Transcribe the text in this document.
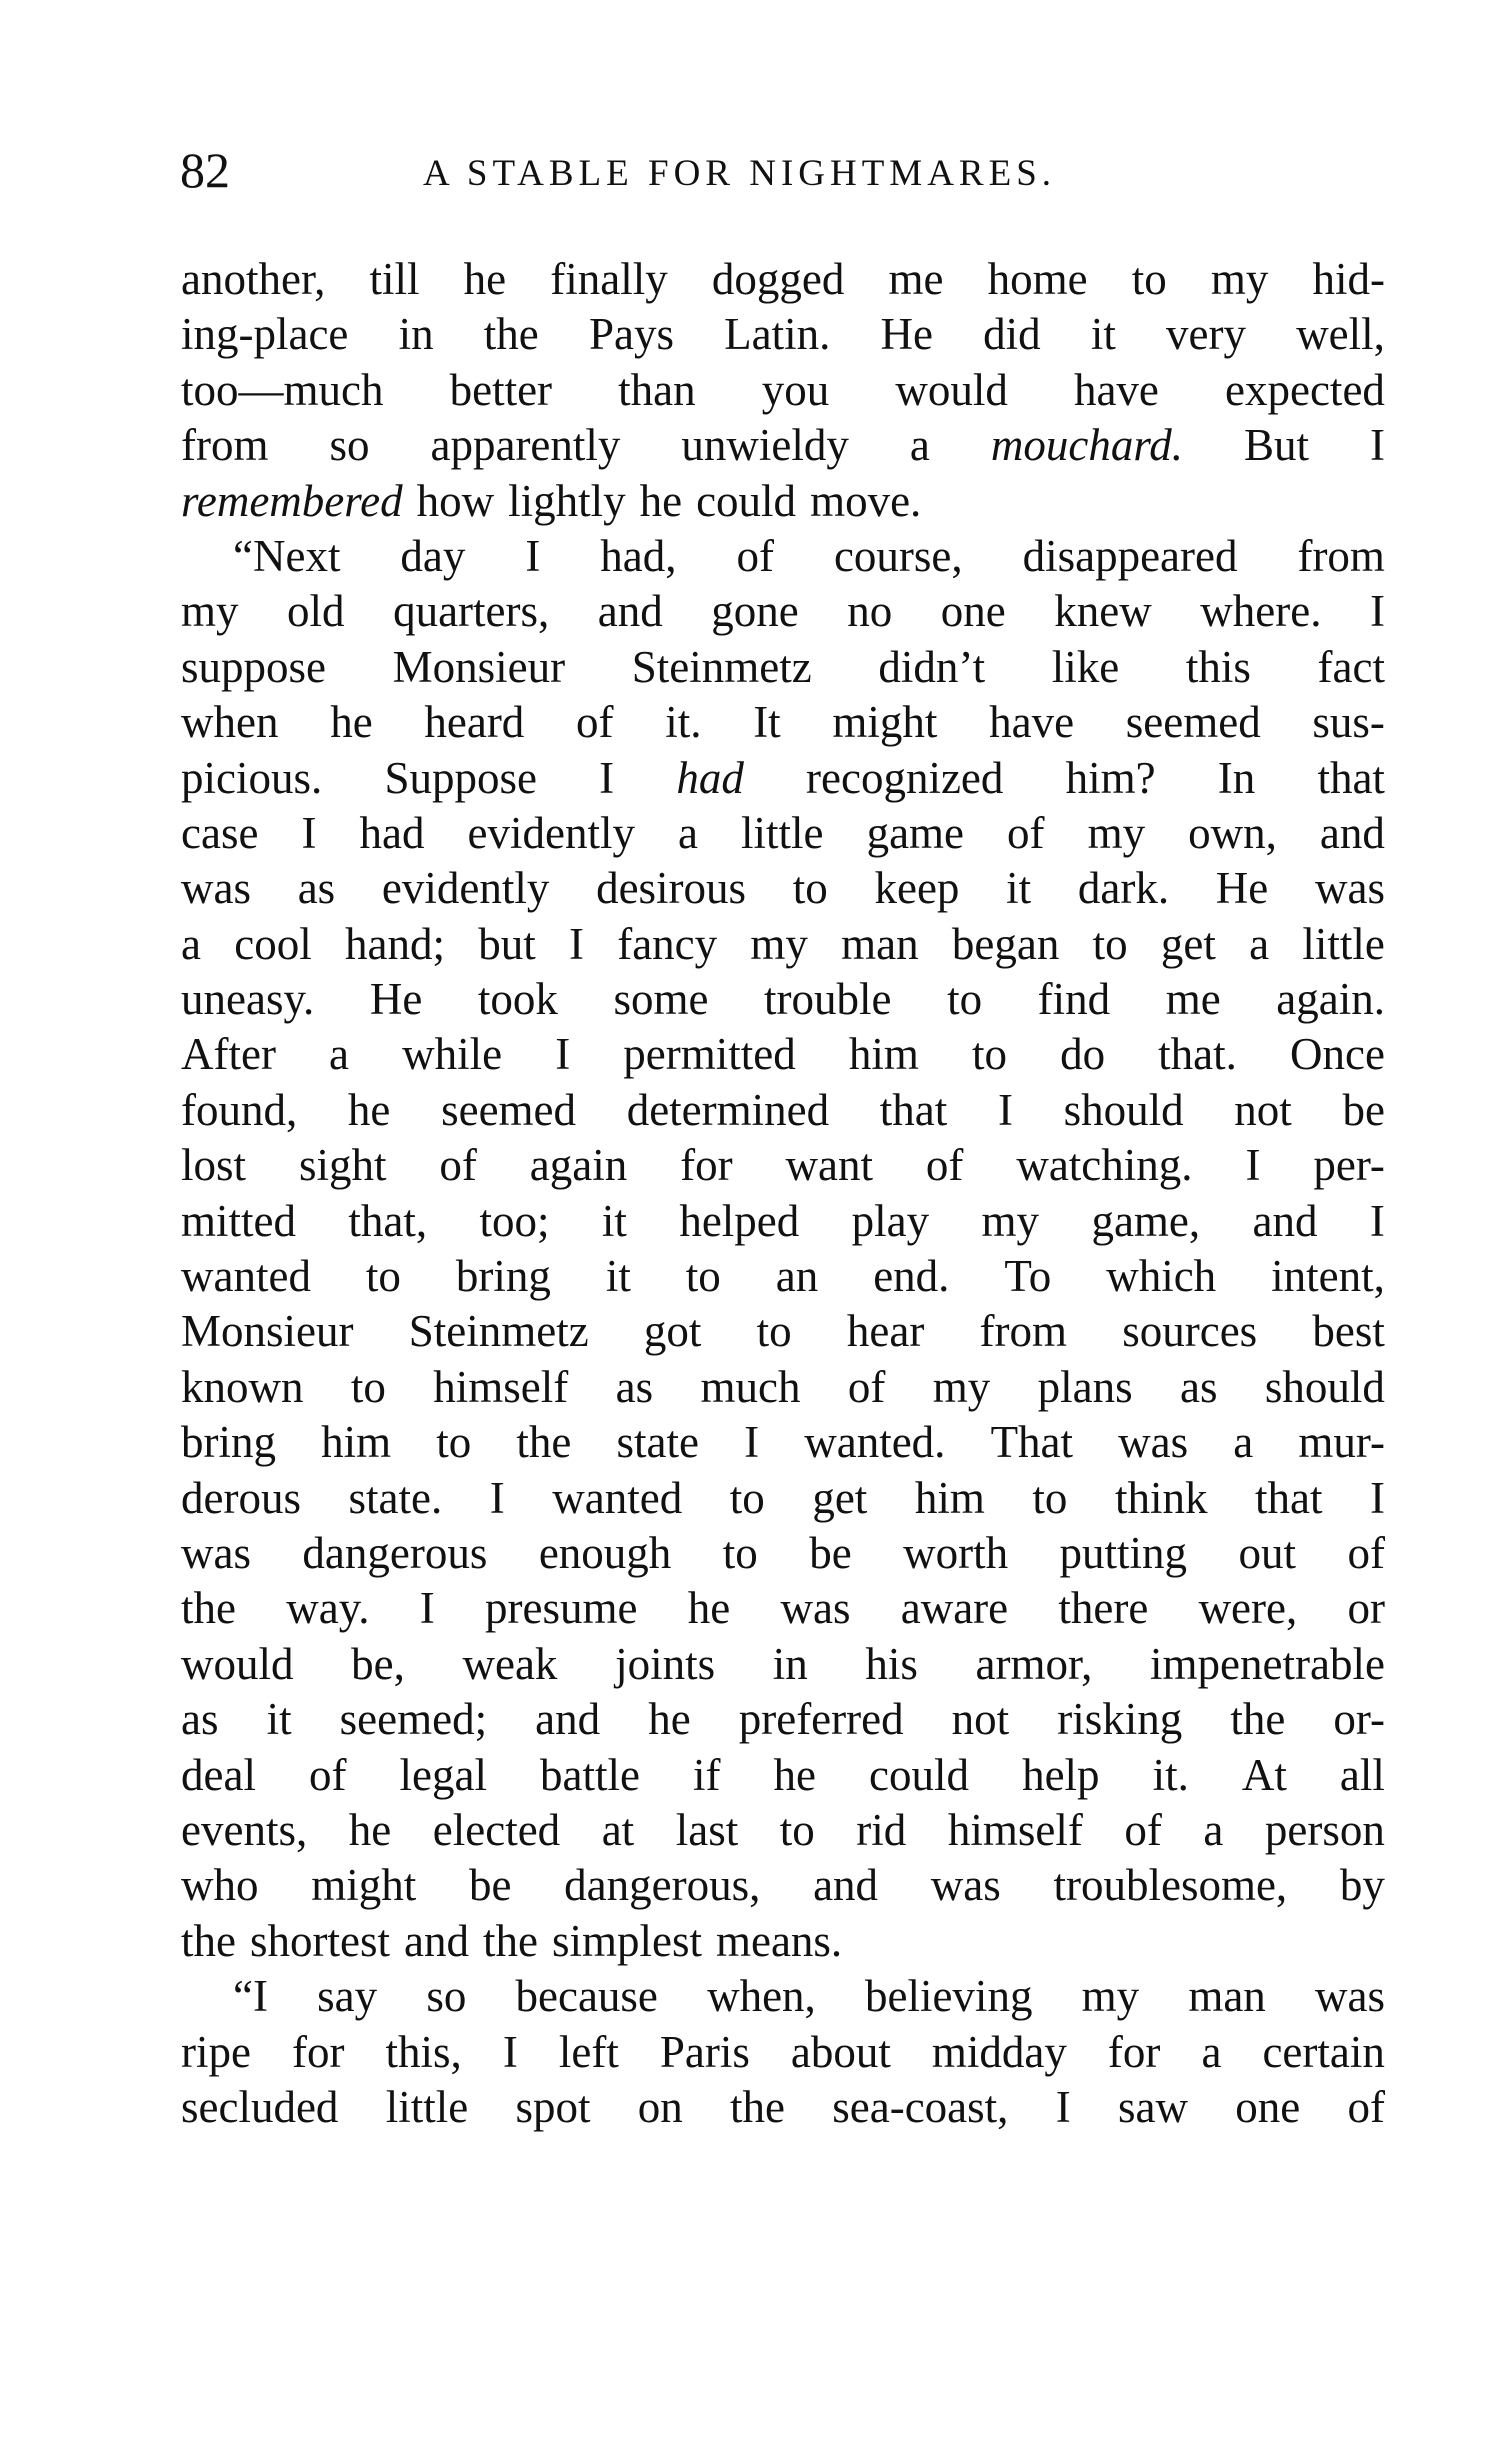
82	A STABLE FOR NIGHTMARES.
another, till he finally dogged me home to my hid-
ing-place in the Pays Latin. He did it very well,
too—much better than you would have expected
from so apparently unwieldy a mouchard. But I
remembered how lightly he could move.
“Next day I had, of course, disappeared from
my old quarters, and gone no one knew where. I
suppose Monsieur Steinmetz didn’t like this fact
when he heard of it. It might have seemed sus-
picious. Suppose I had recognized him? In that
case I had evidently a little game of my own, and
was as evidently desirous to keep it dark. He was
a cool hand; but I fancy my man began to get a little
uneasy. He took some trouble to find me again.
After a while I permitted him to do that. Once
found, he seemed determined that I should not be
lost sight of again for want of watching. I per-
mitted that, too; it helped play my game, and I
wanted to bring it to an end. To which intent,
Monsieur Steinmetz got to hear from sources best
known to himself as much of my plans as should
bring him to the state I wanted. That was a mur-
derous state. I wanted to get him to think that I
was dangerous enough to be worth putting out of
the way. I presume he was aware there were, or
would be, weak joints in his armor, impenetrable
as it seemed; and he preferred not risking the or-
deal of legal battle if he could help it. At all
events, he elected at last to rid himself of a person
who might be dangerous, and was troublesome, by
the shortest and the simplest means.
“I say so because when, believing my man was
ripe for this, I left Paris about midday for a certain
secluded little spot on the sea-coast, I saw one of
